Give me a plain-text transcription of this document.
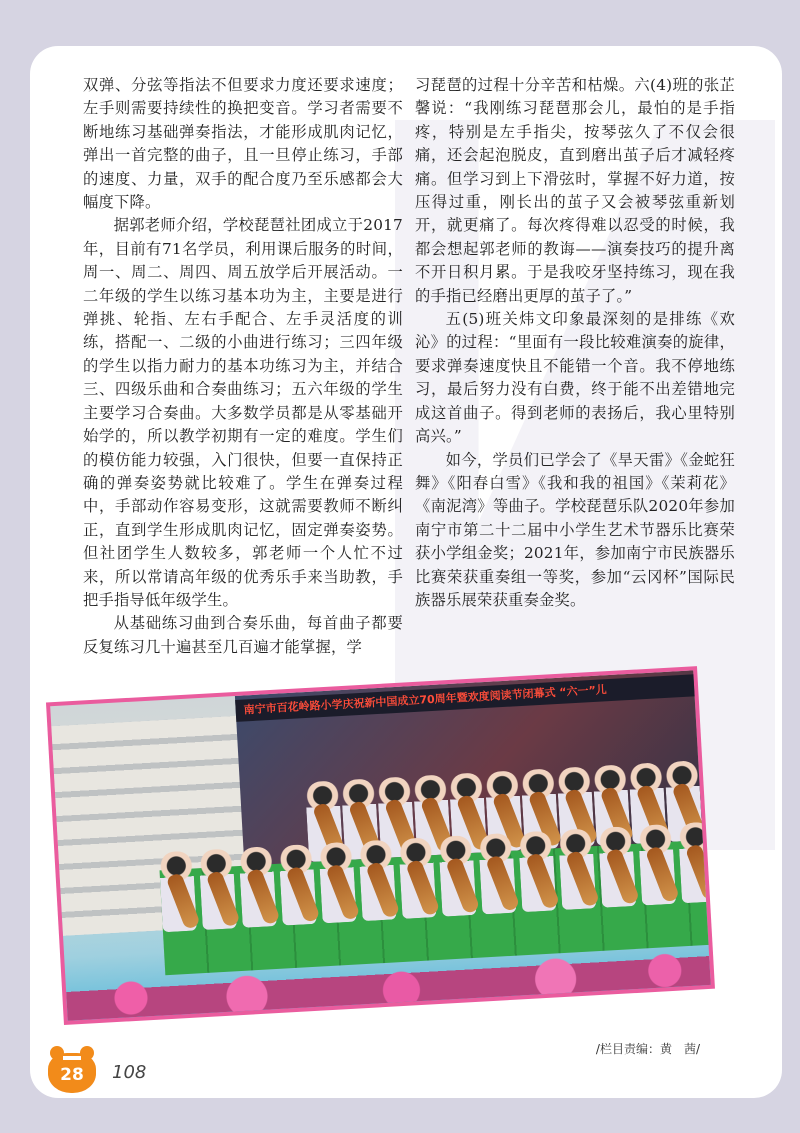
双弹、分弦等指法不但要求力度还要求速度；左手则需要持续性的换把变音。学习者需要不断地练习基础弹奏指法，才能形成肌肉记忆，弹出一首完整的曲子，且一旦停止练习，手部的速度、力量，双手的配合度乃至乐感都会大幅度下降。

据郭老师介绍，学校琵琶社团成立于2017年，目前有71名学员，利用课后服务的时间，周一、周二、周四、周五放学后开展活动。一二年级的学生以练习基本功为主，主要是进行弹挑、轮指、左右手配合、左手灵活度的训练，搭配一、二级的小曲进行练习；三四年级的学生以指力耐力的基本功练习为主，并结合三、四级乐曲和合奏曲练习；五六年级的学生主要学习合奏曲。大多数学员都是从零基础开始学的，所以教学初期有一定的难度。学生们的模仿能力较强，入门很快，但要一直保持正确的弹奏姿势就比较难了。学生在弹奏过程中，手部动作容易变形，这就需要教师不断纠正，直到学生形成肌肉记忆，固定弹奏姿势。但社团学生人数较多，郭老师一个人忙不过来，所以常请高年级的优秀乐手来当助教，手把手指导低年级学生。

从基础练习曲到合奏乐曲，每首曲子都要反复练习几十遍甚至几百遍才能掌握，学

习琵琶的过程十分辛苦和枯燥。六(4)班的张芷馨说：“我刚练习琵琶那会儿，最怕的是手指疼，特别是左手指尖，按琴弦久了不仅会很痛，还会起泡脱皮，直到磨出茧子后才减轻疼痛。但学习到上下滑弦时，掌握不好力道，按压得过重，刚长出的茧子又会被琴弦重新划开，就更痛了。每次疼得难以忍受的时候，我都会想起郭老师的教诲——演奏技巧的提升离不开日积月累。于是我咬牙坚持练习，现在我的手指已经磨出更厚的茧子了。”

五(5)班关炜文印象最深刻的是排练《欢沁》的过程：“里面有一段比较难演奏的旋律，要求弹奏速度快且不能错一个音。我不停地练习，最后努力没有白费，终于能不出差错地完成这首曲子。得到老师的表扬后，我心里特别高兴。”

如今，学员们已学会了《旱天雷》《金蛇狂舞》《阳春白雪》《我和我的祖国》《茉莉花》《南泥湾》等曲子。学校琵琶乐队2020年参加南宁市第二十二届中小学生艺术节器乐比赛荣获小学组金奖；2021年，参加南宁市民族器乐比赛荣获重奏组一等奖，参加“云冈杯”国际民族器乐展荣获重奏金奖。

南宁市百花岭路小学庆祝新中国成立70周年暨欢度阅读节闭幕式 “六一”儿
/栏目责编：黄　茜/
28	108
